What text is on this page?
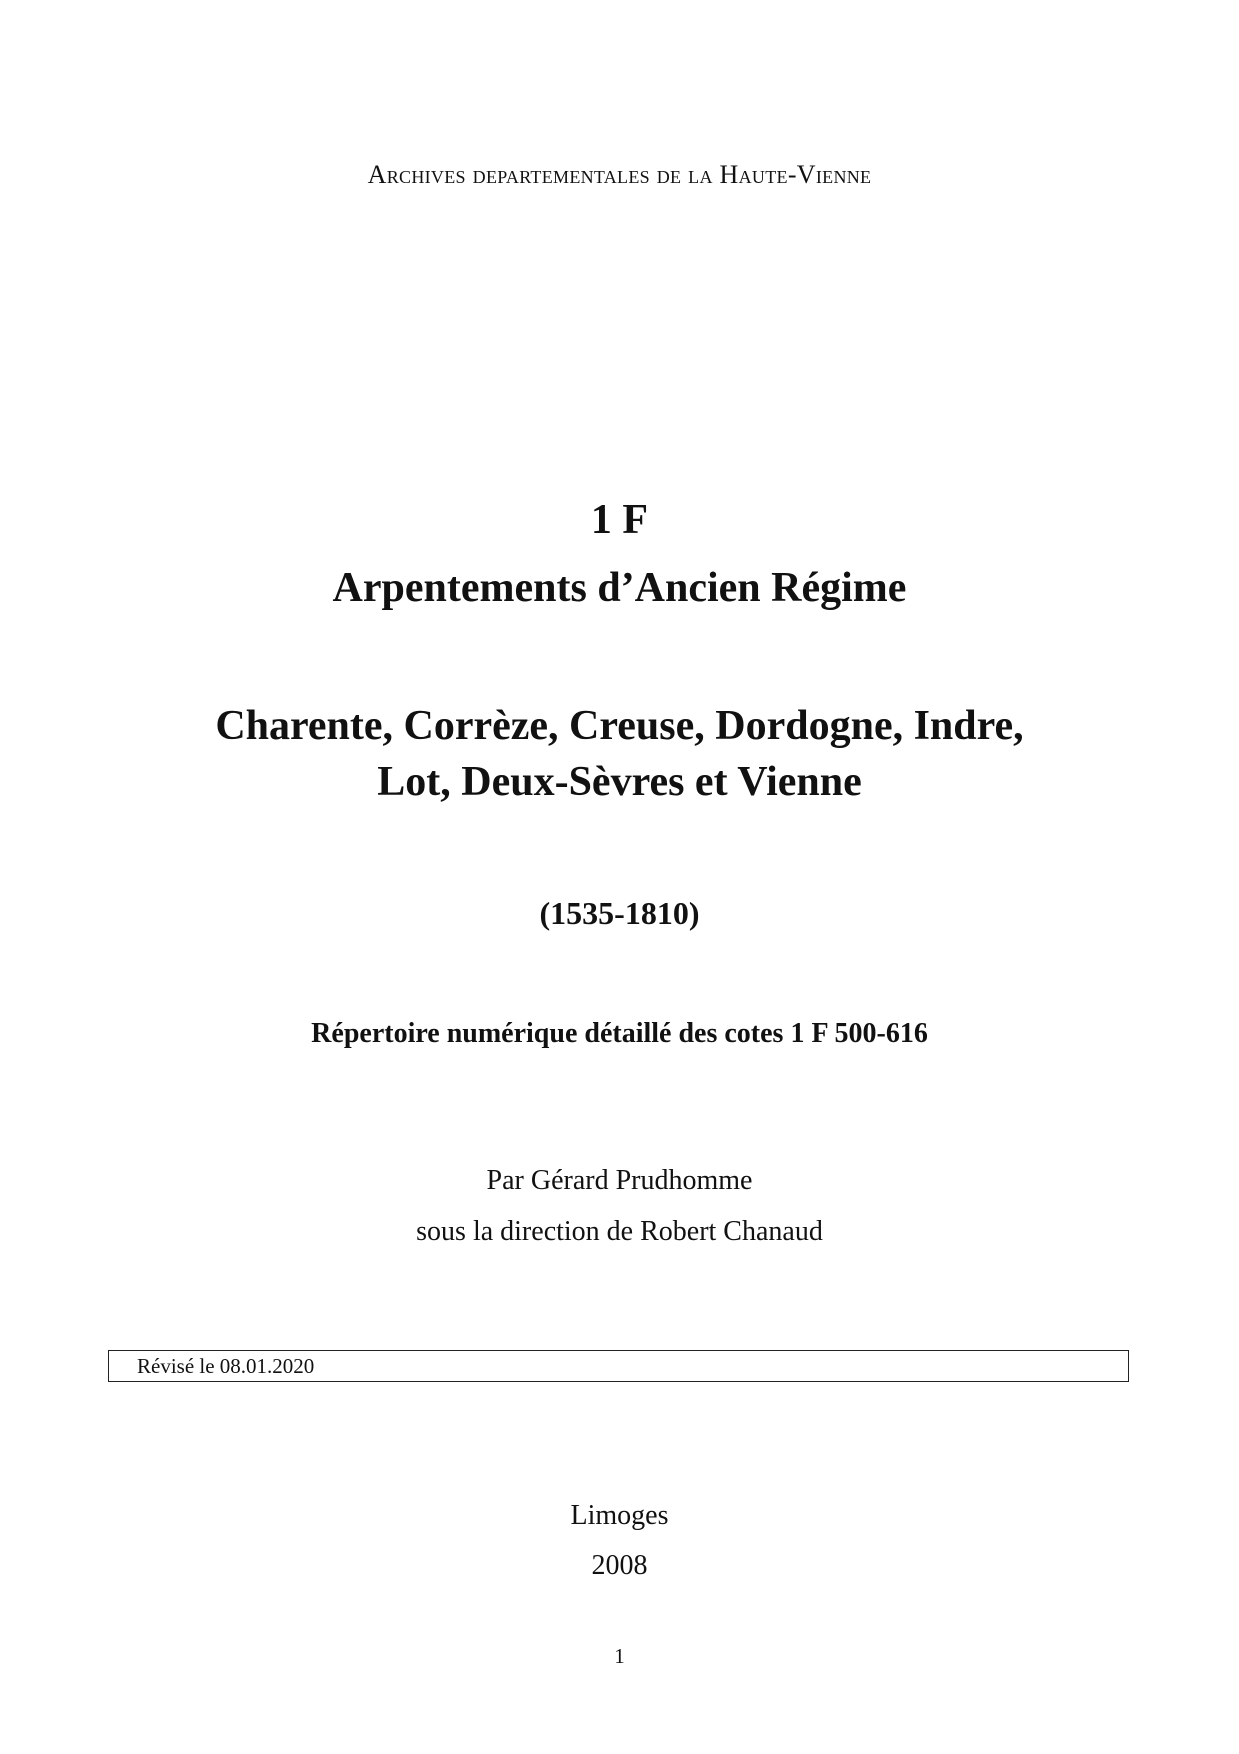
Archives departementales de la Haute-Vienne
1 F
Arpentements d’Ancien Régime
Charente, Corrèze, Creuse, Dordogne, Indre,
Lot, Deux-Sèvres et Vienne
(1535-1810)
Répertoire numérique détaillé des cotes 1 F 500-616
Par Gérard Prudhomme
sous la direction de Robert Chanaud
Révisé le 08.01.2020
Limoges
2008
1
